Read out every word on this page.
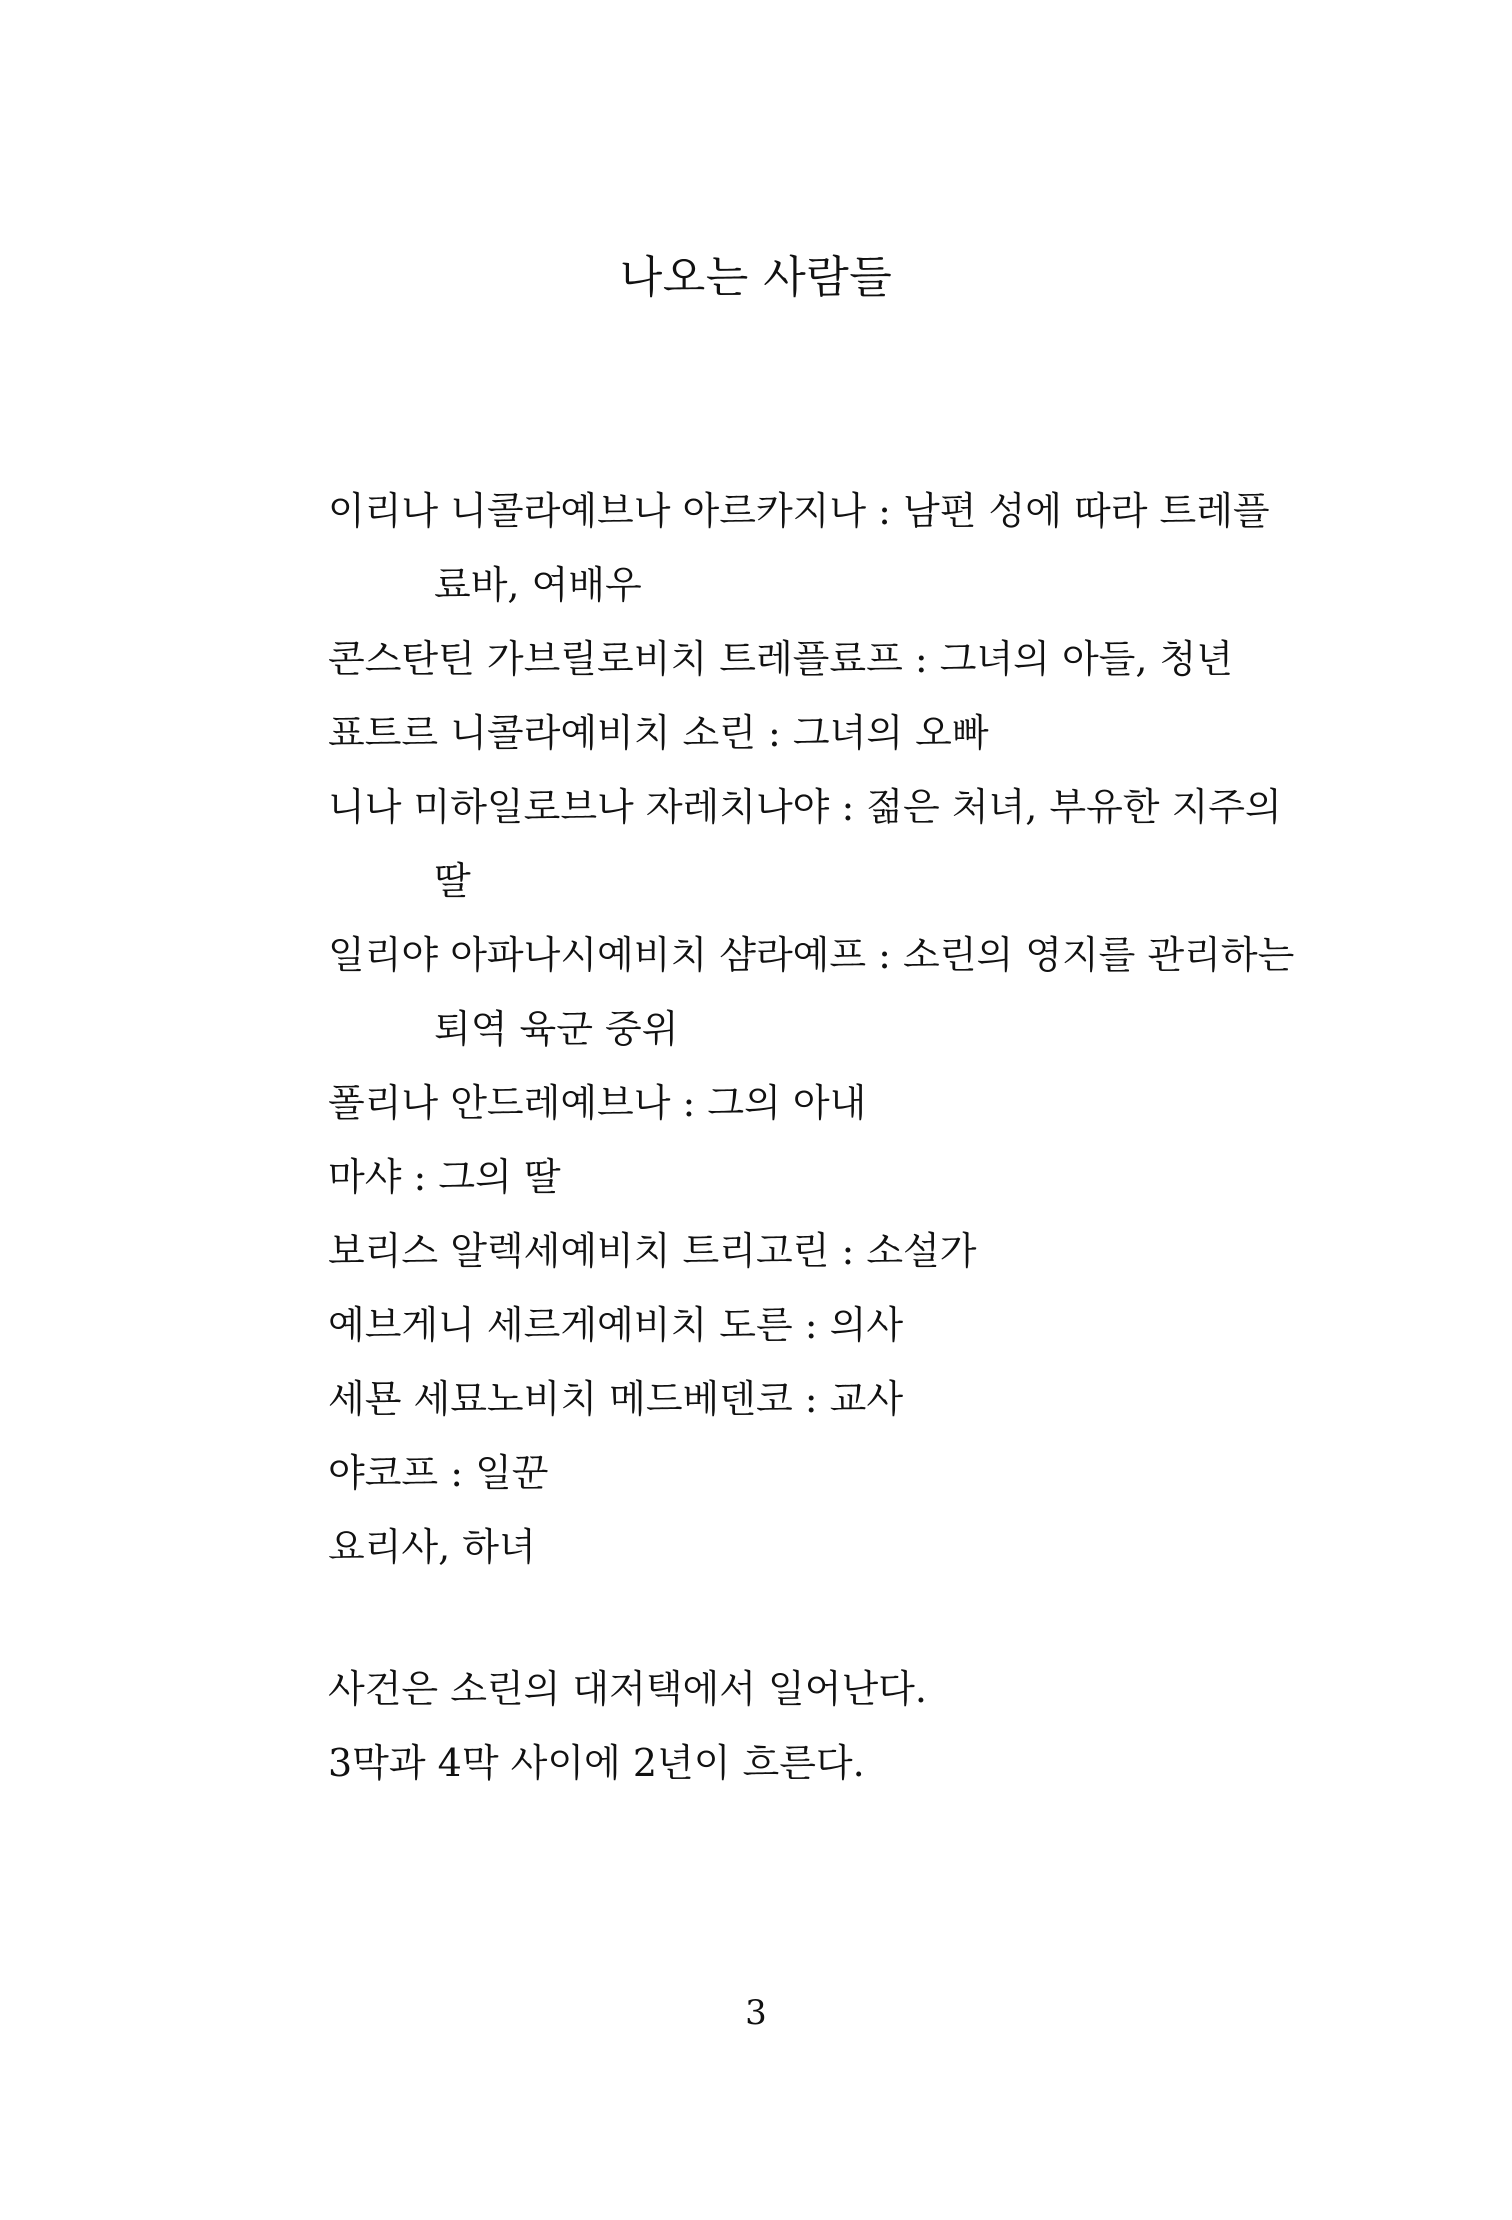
나오는 사람들
이리나 니콜라예브나 아르카지나 : 남편 성에 따라 트레플
료바, 여배우
콘스탄틴 가브릴로비치 트레플료프 : 그녀의 아들, 청년
표트르 니콜라예비치 소린 : 그녀의 오빠
니나 미하일로브나 자레치나야 : 젊은 처녀, 부유한 지주의
딸
일리야 아파나시예비치 샴라예프 : 소린의 영지를 관리하는
퇴역 육군 중위
폴리나 안드레예브나 : 그의 아내
마샤 : 그의 딸
보리스 알렉세예비치 트리고린 : 소설가
예브게니 세르게예비치 도른 : 의사
세묜 세묘노비치 메드베덴코 : 교사
야코프 : 일꾼
요리사, 하녀
사건은 소린의 대저택에서 일어난다.
3막과 4막 사이에 2년이 흐른다.
3
